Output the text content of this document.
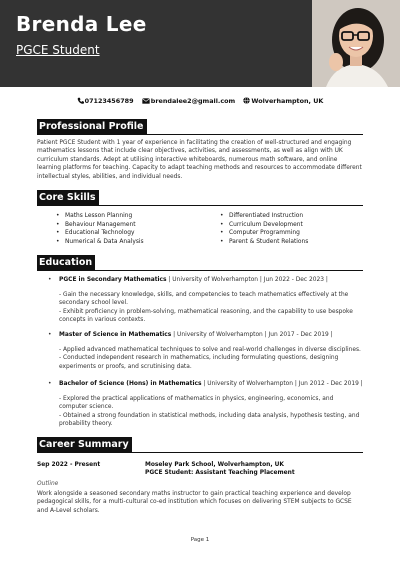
Brenda Lee
PGCE Student
07123456789	brendalee2@gmail.com	Wolverhampton, UK
Professional Profile
Patient PGCE Student with 1 year of experience in facilitating the creation of well-structured and engaging mathematics lessons that include clear objectives, activities, and assessments, as well as align with UK curriculum standards. Adept at utilising interactive whiteboards, numerous math software, and online learning platforms for teaching. Capacity to adapt teaching methods and resources to accommodate different intellectual styles, abilities, and individual needs.
Core Skills
• Maths Lesson Planning
• Behaviour Management
• Educational Technology
• Numerical & Data Analysis
• Differentiated Instruction
• Curriculum Development
• Computer Programming
• Parent & Student Relations
Education
• PGCE in Secondary Mathematics | University of Wolverhampton | Jun 2022 - Dec 2023 |
- Gain the necessary knowledge, skills, and competencies to teach mathematics effectively at the secondary school level.
- Exhibit proficiency in problem-solving, mathematical reasoning, and the capability to use bespoke concepts in various contexts.
• Master of Science in Mathematics | University of Wolverhampton | Jun 2017 - Dec 2019 |
- Applied advanced mathematical techniques to solve and real-world challenges in diverse disciplines.
- Conducted independent research in mathematics, including formulating questions, designing experiments or proofs, and scrutinising data.
• Bachelor of Science (Hons) in Mathematics | University of Wolverhampton | Jun 2012 - Dec 2019 |
- Explored the practical applications of mathematics in physics, engineering, economics, and computer science.
- Obtained a strong foundation in statistical methods, including data analysis, hypothesis testing, and probability theory.
Career Summary
Sep 2022 - Present	Moseley Park School, Wolverhampton, UK
PGCE Student: Assistant Teaching Placement
Outline
Work alongside a seasoned secondary maths instructor to gain practical teaching experience and develop pedagogical skills, for a multi-cultural co-ed institution which focuses on delivering STEM subjects to GCSE and A-Level scholars.
Page 1
